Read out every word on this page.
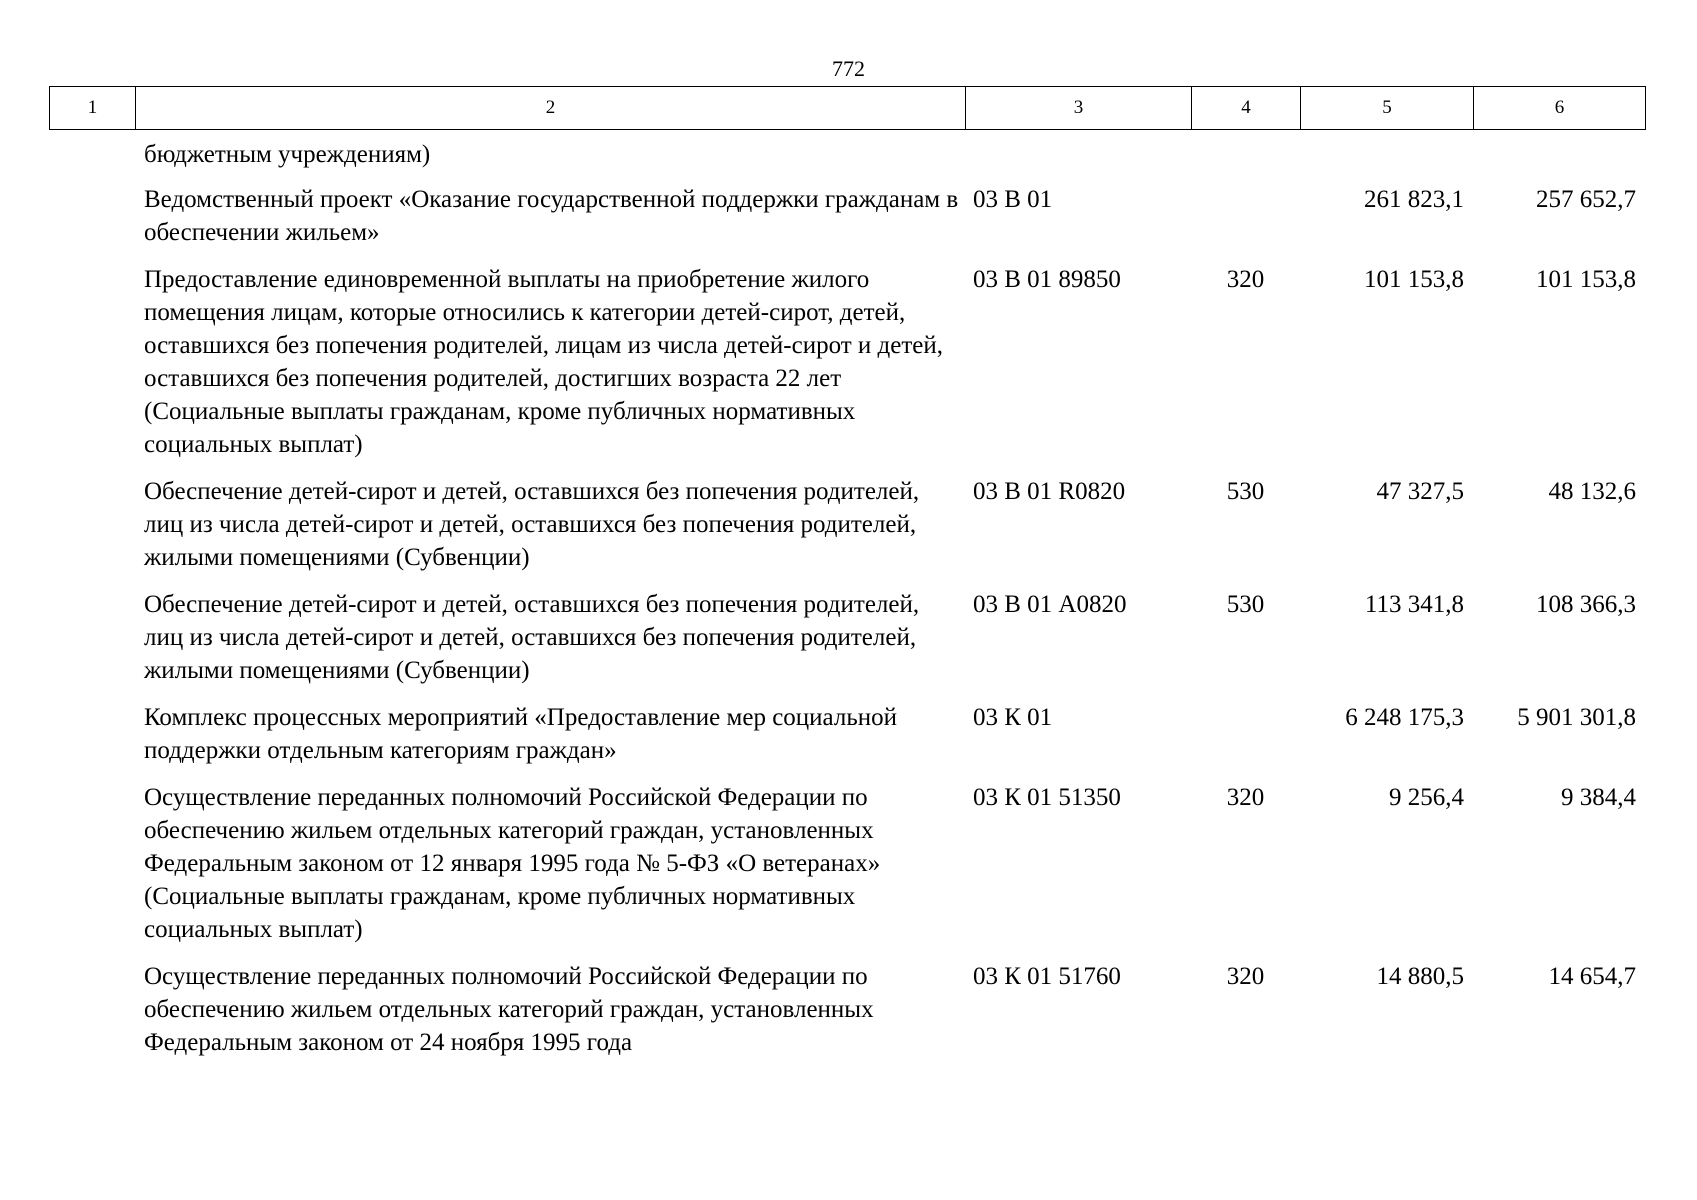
772
1	2	3	4	5	6
бюджетным учреждениям)				
Ведомственный проект «Оказание государственной поддержки гражданам в обеспечении жильем»	03 В 01		261 823,1	257 652,7
Предоставление единовременной выплаты на приобретение жилого помещения лицам, которые относились к категории детей-сирот, детей, оставшихся без попечения родителей, лицам из числа детей-сирот и детей, оставшихся без попечения родителей, достигших возраста 22 лет (Социальные выплаты гражданам, кроме публичных нормативных социальных выплат)	03 В 01 89850	320	101 153,8	101 153,8
Обеспечение детей-сирот и детей, оставшихся без попечения родителей, лиц из числа детей-сирот и детей, оставшихся без попечения родителей, жилыми помещениями (Субвенции)	03 В 01 R0820	530	47 327,5	48 132,6
Обеспечение детей-сирот и детей, оставшихся без попечения родителей, лиц из числа детей-сирот и детей, оставшихся без попечения родителей, жилыми помещениями (Субвенции)	03 В 01 А0820	530	113 341,8	108 366,3
Комплекс процессных мероприятий «Предоставление мер социальной поддержки отдельным категориям граждан»	03 К 01		6 248 175,3	5 901 301,8
Осуществление переданных полномочий Российской Федерации по обеспечению жильем отдельных категорий граждан, установленных Федеральным законом от 12 января 1995 года № 5-ФЗ «О ветеранах» (Социальные выплаты гражданам, кроме публичных нормативных социальных выплат)	03 К 01 51350	320	9 256,4	9 384,4
Осуществление переданных полномочий Российской Федерации по обеспечению жильем отдельных категорий граждан, установленных Федеральным законом от 24 ноября 1995 года	03 К 01 51760	320	14 880,5	14 654,7
